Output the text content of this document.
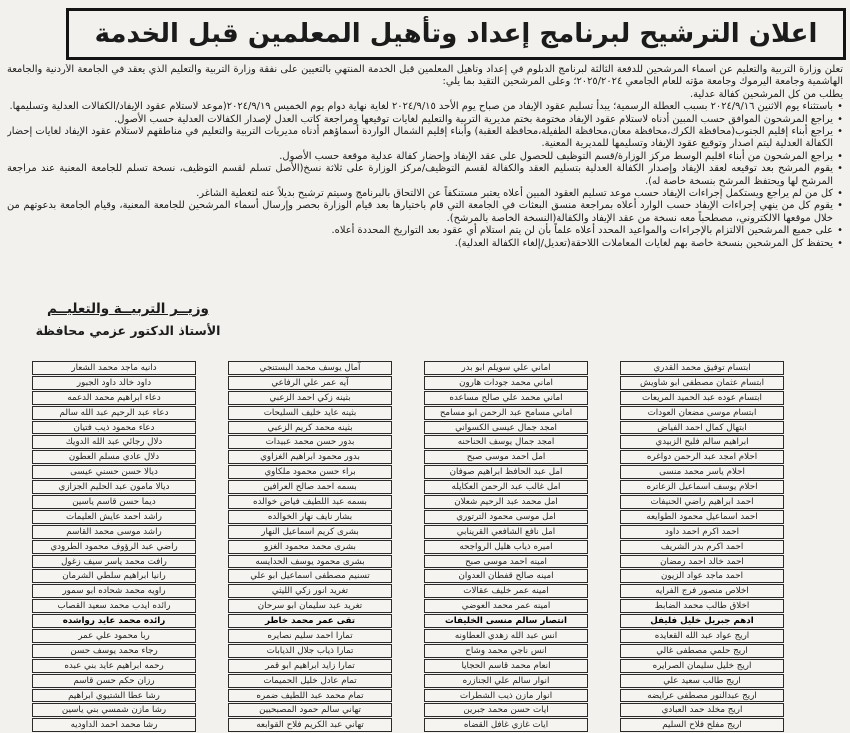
اعلان الترشيح لبرنامج إعداد وتأهيل المعلمين قبل الخدمة

تعلن وزارة التربية والتعليم عن أسماء المرشحين للدفعة الثالثة لبرنامج الدبلوم في إعداد وتأهيل المعلمين قبل الخدمة المنتهي بالتعيين على نفقة وزارة التربية والتعليم الذي يعقد في الجامعة الأردنية والجامعة الهاشمية وجامعة اليرموك وجامعة مؤته للعام الجامعي ٢٠٢٥/٢٠٢٤؛ وعلى المرشحين التقيد بما يلي:

يطلب من كل المرشحين كفالة عدلية.

• باستثناء يوم الاثنين ٢٠٢٤/٩/١٦ بسبب العطلة الرسمية؛ يبدأ تسليم عقود الإيفاد من صباح يوم الأحد ٢٠٢٤/٩/١٥ لغاية نهاية دوام يوم الخميس ٢٠٢٤/٩/١٩(موعد لاستلام عقود الإيفاد/الكفالات العدلية وتسليمها.
• يراجع المرشحون الموافق حسب المبين أدناه لاستلام عقود الإيفاد مختومة بختم مديرية التربية والتعليم لغايات توقيعها ومراجعة كاتب العدل لإصدار الكفالات العدلية حسب الأصول.
• يراجع أبناء إقليم الجنوب(محافظة الكرك،محافظة معان،محافظة الطفيلة،محافظة العقبة) وأبناء إقليم الشمال الواردة أسماؤهم أدناه مديريات التربية والتعليم في مناطقهم لاستلام عقود الإيفاد لغايات إحضار الكفالة العدلية ليتم اصدار وتوقيع عقود الإيفاد وتسليمها للمديرية المعنية.
• يراجع المرشحون من أبناء اقليم الوسط مركز الوزارة/قسم التوظيف للحصول على عقد الإيفاد وإحضار كفالة عدلية موقعة حسب الأصول.
• يقوم المرشح بعد توقيعه لعقد الإيفاد وإصدار الكفالة العدلية بتسليم العقد والكفالة لقسم التوظيف/مركز الوزارة على ثلاثة نسخ(الأصل تسلم لقسم التوظيف، نسخة تسلم للجامعة المعنية عند مراجعة المرشح لها ويحتفظ المرشح بنسخة خاصة له).
• كل من لم يراجع ويستكمل إجراءات الإيفاد حسب موعد تسليم العقود المبين أعلاه يعتبر مستنكفاً عن الالتحاق بالبرنامج وسيتم ترشيح بديلاً عنه لتغطية الشاغر.
• يقوم كل من ينهي إجراءات الإيفاد حسب الوارد أعلاه بمراجعة منسق البعثات في الجامعة التي قام باختيارها بعد قيام الوزارة بحصر وإرسال أسماء المرشحين للجامعة المعنية، وقيام الجامعة بدعوتهم من خلال موقعها الالكتروني، مصطحباً معه نسخة من عقد الإيفاد والكفالة(النسخة الخاصة بالمرشح).
• على جميع المرشحين الالتزام بالإجراءات والمواعيد المحدد أعلاه علماً بأن لن يتم استلام أي عقود بعد التواريخ المحددة أعلاه.
• يحتفظ كل المرشحين بنسخة خاصة بهم لغايات المعاملات اللاحقة(تعديل/إلغاء الكفالة العدلية).
وزيــر التربيــة والتعليــم
الأستاذ الدكتور عزمي محافظة
ابتسام توفيق محمد القدري
ابتسام عثمان مصطفى ابو شاويش
ابتسام عوده عبد الحميد المريعات
ابتسام موسى مضعان العودات
ابتهال كمال احمد الفياض
ابراهيم سالم فليح الزبيدي
احلام امجد عبد الرحمن دواغره
احلام ياسر محمد منسى
احلام يوسف اسماعيل الزعاتره
احمد ابراهيم راضي الحنيفات
احمد اسماعيل محمود الطوايعه
احمد اكرم احمد داود
احمد اكرم بدر الشريف
احمد خالد احمد رمضان
احمد ماجد عواد الزيون
اخلاص منصور فرج الفرايه
اخلاق طالب محمد الضابط
ادهم جبريل خليل فليفل
اريج عواد عبد الله القعايده
اريج حلمي مصطفى غالي
اريج خليل سليمان الصرايره
اريج طالب سعيد علي
اريج عبدالنور مصطفى عرايضه
اريج مخلد حمد العبادي
اريج مفلح فلاح السليم
اماني علي سويلم ابو بدر
اماني محمد جودات هارون
اماني محمد علي صالح مساعده
اماني مسامح عبد الرحمن ابو مسامح
امجد جمال عيسى الكسواني
امجد جمال يوسف الحناحنه
امل احمد موسى صبح
امل عبد الحافظ ابراهيم صوفان
امل غالب عبد الرحمن العكايله
امل محمد عبد الرحيم شعلان
امل موسى محمود الترتوري
امل نافع الشافعي القرينابي
اميره ذياب هليل الرواجحه
امينه احمد موسى صبح
امينه صالح قفطان العدوان
امينه عمر خليف عقالات
امينه عمر محمد العوضي
انتصار سالم منسى الخليفات
انس عبد الله زهدي العطاونه
انس ناجي محمد وشاح
انعام محمد قاسم الحجايا
انوار سالم علي الجنازره
انوار مازن ذيب الشطرات
ايات حسن محمد جبرين
ايات غازي غافل القضاه
آمال يوسف محمد البستنجي
آيه عمر علي الرفاعي
بثينه زكي احمد الزعبي
بثينه عايد خليف السليحات
بثينه محمد كريم الزعبي
بدور حسن محمد عبيدات
بدور محمود ابراهيم الغزاوي
براء حسن محمود ملكاوي
بسمه احمد صالح العرافين
بسمه عبد اللطيف فياض خوالده
بشار نايف نهار الخوالده
بشرى كريم اسماعيل النهار
بشرى محمد محمود الغزو
بشرى محمود يوسف الحدايسه
تسنيم مصطفى اسماعيل ابو علي
تغريد انور زكي الليثي
تغريد عبد سليمان ابو سرحان
تقى عمر محمد خاطر
تمارا احمد سليم نصايره
تمارا ذياب جلال الذيابات
تمارا زايد ابراهيم ابو قمر
تمام عادل خليل الحميمات
تمام محمد عبد اللطيف ضمره
تهاني سالم حمود المصبحيين
تهاني عبد الكريم فلاح القوابعه
دانيه ماجد محمد الشعار
داود خالد داود الجبور
دعاء ابراهيم محمد الدعمه
دعاء عبد الرحيم عبد الله سالم
دعاء محمود ذيب فتيان
دلال رجائي عبد الله الدويك
دلال عادي مسلم العطون
ديالا حسن حسني عيسى
ديالا مامون عبد الحليم الجزازي
ديما حسن قاسم ياسين
راشد احمد عايش العليمات
راشد موسى محمد القاسم
راضي عبد الرؤوف محمود الطرودي
رافت محمد ياسر سيف زغول
رانيا ابراهيم سلطي الشرمان
راويه محمد شحاده ابو سمور
رائده ايدب محمد سعيد القصاب
رائده محمد عايد رواشده
ربا محمود علي عمر
رجاء محمد يوسف حسن
رحمه ابراهيم عايد بني عبده
رزان حكم حسن قاسم
رشا عطا الشتيوي ابراهيم
رشا مازن شمسي بني ياسين
رشا محمد احمد الداوديه
